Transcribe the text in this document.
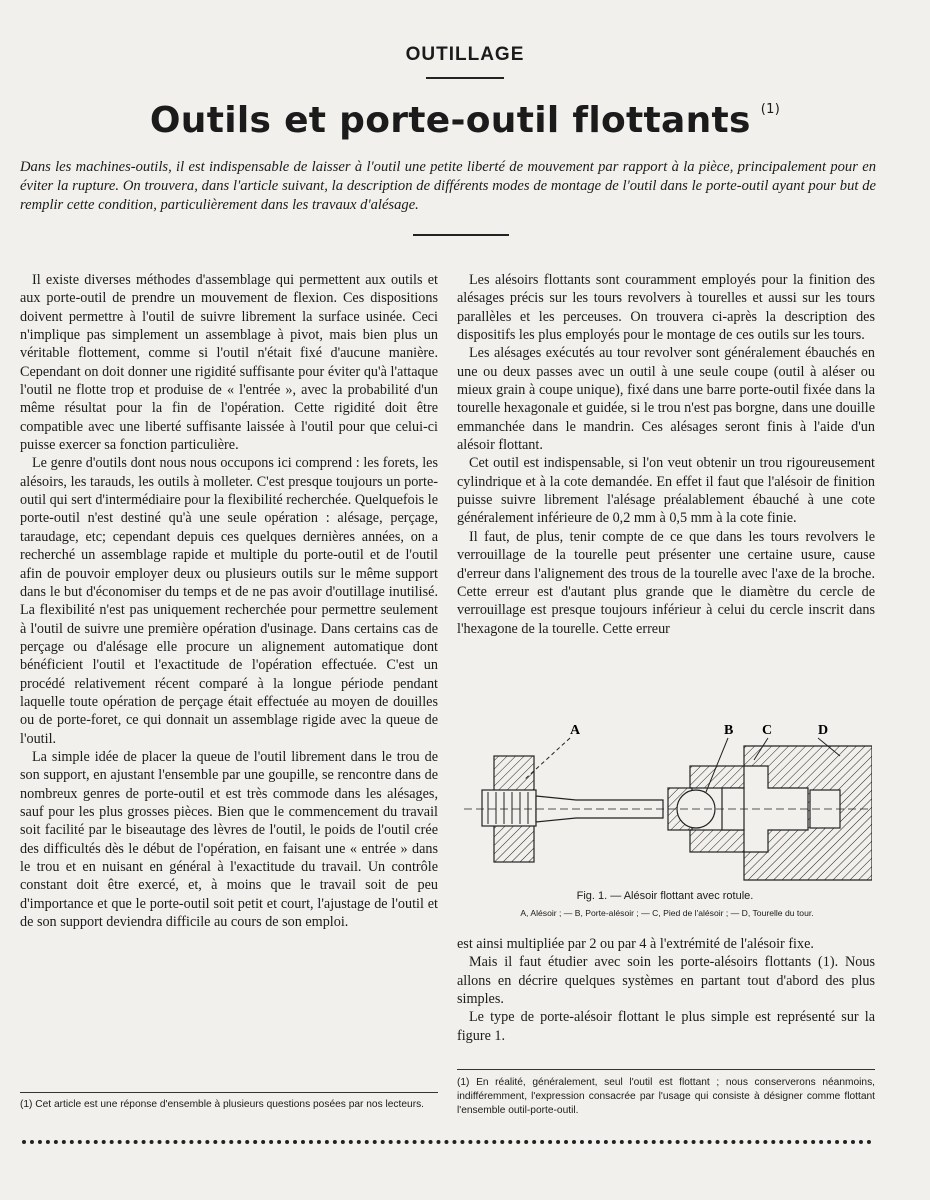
OUTILLAGE
Outils et porte-outil flottants $^{(1)}$
Dans les machines-outils, il est indispensable de laisser à l'outil une petite liberté de mouvement par rapport à la pièce, principalement pour en éviter la rupture. On trouvera, dans l'article suivant, la description de différents modes de montage de l'outil dans le porte-outil ayant pour but de remplir cette condition, particulièrement dans les travaux d'alésage.

Il existe diverses méthodes d'assemblage qui permettent aux outils et aux porte-outil de prendre un mouvement de flexion. Ces dispositions doivent permettre à l'outil de suivre librement la surface usinée. Ceci n'implique pas simplement un assemblage à pivot, mais bien plus un véritable flottement, comme si l'outil n'était fixé d'aucune manière. Cependant on doit donner une rigidité suffisante pour éviter qu'à l'attaque l'outil ne flotte trop et produise de « l'entrée », avec la probabilité d'un même résultat pour la fin de l'opération. Cette rigidité doit être compatible avec une liberté suffisante laissée à l'outil pour que celui-ci puisse exercer sa fonction particulière.

Le genre d'outils dont nous nous occupons ici comprend : les forets, les alésoirs, les tarauds, les outils à molleter. C'est presque toujours un porte-outil qui sert d'intermédiaire pour la flexibilité recherchée. Quelquefois le porte-outil n'est destiné qu'à une seule opération : alésage, perçage, taraudage, etc; cependant depuis ces quelques dernières années, on a recherché un assemblage rapide et multiple du porte-outil et de l'outil afin de pouvoir employer deux ou plusieurs outils sur le même support dans le but d'économiser du temps et de ne pas avoir d'outillage inutilisé. La flexibilité n'est pas uniquement recherchée pour permettre seulement à l'outil de suivre une première opération d'usinage. Dans certains cas de perçage ou d'alésage elle procure un alignement automatique dont bénéficient l'outil et l'exactitude de l'opération effectuée. C'est un procédé relativement récent comparé à la longue période pendant laquelle toute opération de perçage était effectuée au moyen de douilles ou de porte-foret, ce qui donnait un assemblage rigide avec la queue de l'outil.

La simple idée de placer la queue de l'outil librement dans le trou de son support, en ajustant l'ensemble par une goupille, se rencontre dans de nombreux genres de porte-outil et est très commode dans les alésages, sauf pour les plus grosses pièces. Bien que le commencement du travail soit facilité par le biseautage des lèvres de l'outil, le poids de l'outil crée des difficultés dès le début de l'opération, en faisant une « entrée » dans le trou et en nuisant en général à l'exactitude du travail. Un contrôle constant doit être exercé, et, à moins que le travail soit de peu d'importance et que le porte-outil soit petit et court, l'ajustage de l'outil et de son support deviendra difficile au cours de son emploi.

Les alésoirs flottants sont couramment employés pour la finition des alésages précis sur les tours revolvers à tourelles et aussi sur les tours parallèles et les perceuses. On trouvera ci-après la description des dispositifs les plus employés pour le montage de ces outils sur les tours.

Les alésages exécutés au tour revolver sont généralement ébauchés en une ou deux passes avec un outil à une seule coupe (outil à aléser ou mieux grain à coupe unique), fixé dans une barre porte-outil fixée dans la tourelle hexagonale et guidée, si le trou n'est pas borgne, dans une douille emmanchée dans le mandrin. Ces alésages seront finis à l'aide d'un alésoir flottant.

Cet outil est indispensable, si l'on veut obtenir un trou rigoureusement cylindrique et à la cote demandée. En effet il faut que l'alésoir de finition puisse suivre librement l'alésage préalablement ébauché à une cote généralement inférieure de 0,2 mm à 0,5 mm à la cote finie.

Il faut, de plus, tenir compte de ce que dans les tours revolvers le verrouillage de la tourelle peut présenter une certaine usure, cause d'erreur dans l'alignement des trous de la tourelle avec l'axe de la broche. Cette erreur est d'autant plus grande que le diamètre du cercle de verrouillage est presque toujours inférieur à celui du cercle inscrit dans l'hexagone de la tourelle. Cette erreur

A	B C	D
Fig. 1. — Alésoir flottant avec rotule.
A, Alésoir ; — B, Porte-alésoir ; — C, Pied de l'alésoir ; — D, Tourelle du tour.

est ainsi multipliée par 2 ou par 4 à l'extrémité de l'alésoir fixe.

Mais il faut étudier avec soin les porte-alésoirs flottants (1). Nous allons en décrire quelques systèmes en partant tout d'abord des plus simples.

Le type de porte-alésoir flottant le plus simple est représenté sur la figure 1.

(1) Cet article est une réponse d'ensemble à plusieurs questions posées par nos lecteurs.
(1) En réalité, généralement, seul l'outil est flottant ; nous conserverons néanmoins, indifféremment, l'expression consacrée par l'usage qui consiste à désigner comme flottant l'ensemble outil-porte-outil.
